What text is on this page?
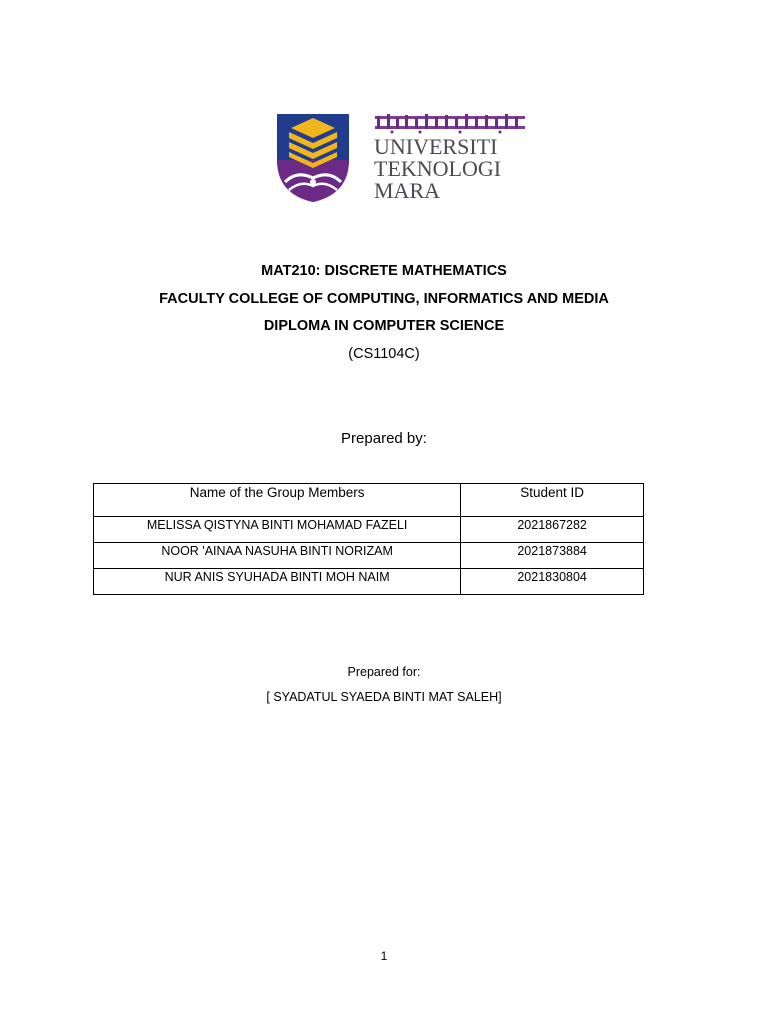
UNIVERSITI
TEKNOLOGI
MARA
MAT210: DISCRETE MATHEMATICS
FACULTY COLLEGE OF COMPUTING, INFORMATICS AND MEDIA
DIPLOMA IN COMPUTER SCIENCE
(CS1104C)
Prepared by:
Name of the Group Members	Student ID
MELISSA QISTYNA BINTI MOHAMAD FAZELI	2021867282
NOOR 'AINAA NASUHA BINTI NORIZAM	2021873884
NUR ANIS SYUHADA BINTI MOH NAIM	2021830804
Prepared for:
[ SYADATUL SYAEDA BINTI MAT SALEH]
1
